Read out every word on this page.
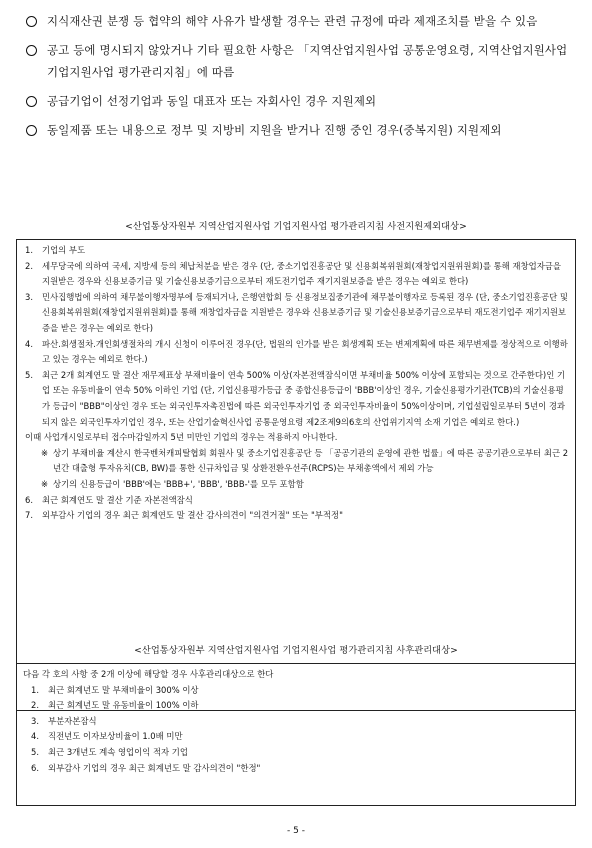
지식재산권 분쟁 등 협약의 해약 사유가 발생할 경우는 관련 규정에 따라 제재조치를 받을 수 있음
공고 등에 명시되지 않았거나 기타 필요한 사항은 「지역산업지원사업 공통운영요령, 지역산업지원사업 기업지원사업 평가관리지침」에 따름
공급기업이 선정기업과 동일 대표자 또는 자회사인 경우 지원제외
동일제품 또는 내용으로 정부 및 지방비 지원을 받거나 진행 중인 경우(중복지원) 지원제외
<산업통상자원부 지역산업지원사업 기업지원사업 평가관리지침 사전지원제외대상>
1.	기업의 부도
2.	세무당국에 의하여 국세, 지방세 등의 체납처분을 받은 경우 (단, 중소기업진흥공단 및 신용회복위원회(재창업지원위원회)를 통해 재창업자금을 지원받은 경우와 신용보증기금 및 기술신용보증기금으로부터 재도전기업주 재기지원보증을 받은 경우는 예외로 한다)
3.	민사집행법에 의하여 채무불이행자명부에 등재되거나, 은행연합회 등 신용정보집중기관에 채무불이행자로 등록된 경우 (단, 중소기업진흥공단 및 신용회복위원회(재창업지원위원회)를 통해 재창업자금을 지원받은 경우와 신용보증기금 및 기술신용보증기금으로부터 재도전기업주 재기지원보증을 받은 경우는 예외로 한다)
4.	파산.회생절차.개인회생절차의 개시 신청이 이루어진 경우(단, 법원의 인가를 받은 회생계획 또는 변제계획에 따른 채무변제를 정상적으로 이행하고 있는 경우는 예외로 한다.)
5.	최근 2개 회계연도 말 결산 재무제표상 부채비율이 연속 500% 이상(자본전액잠식이면 부채비율 500% 이상에 포함되는 것으로 간주한다)인 기업 또는 유동비율이 연속 50% 이하인 기업 (단, 기업신용평가등급 중 종합신용등급이 'BBB'이상인 경우, 기술신용평가기관(TCB)의 기술신용평가 등급이 "BBB"이상인 경우 또는 외국인투자촉진법에 따른 외국인투자기업 중 외국인투자비율이 50%이상이며, 기업설립일로부터 5년이 경과되지 않은 외국인투자기업인 경우, 또는 산업기술혁신사업 공통운영요령 제2조제9의6호의 산업위기지역 소재 기업은 예외로 한다.)
이때 사업개시일로부터 접수마감일까지 5년 미만인 기업의 경우는 적용하지 아니한다.
※ 상기 부채비율 계산시 한국벤처캐피탈협회 회원사 및 중소기업진흥공단 등 「공공기관의 운영에 관한 법률」에 따른 공공기관으로부터 최근 2년간 대출형 투자유치(CB, BW)를 통한 신규차입금 및 상환전환우선주(RCPS)는 부채총액에서 제외 가능
※ 상기의 신용등급이 'BBB'에는 'BBB+', 'BBB', 'BBB-'를 모두 포함함
6.	최근 회계연도 말 결산 기준 자본전액잠식
7.	외부감사 기업의 경우 최근 회계연도 말 결산 감사의견이 "의견거절" 또는 "부적정"
<산업통상자원부 지역산업지원사업 기업지원사업 평가관리지침 사후관리대상>
다음 각 호의 사항 중 2개 이상에 해당할 경우 사후관리대상으로 한다
1.	최근 회계년도 말 부채비율이 300% 이상
2.	최근 회계년도 말 유동비율이 100% 이하
3.	부분자본잠식
4.	직전년도 이자보상비율이 1.0배 미만
5.	최근 3개년도 계속 영업이익 적자 기업
6.	외부감사 기업의 경우 최근 회계년도 말 감사의견이 "한정"
- 5 -
